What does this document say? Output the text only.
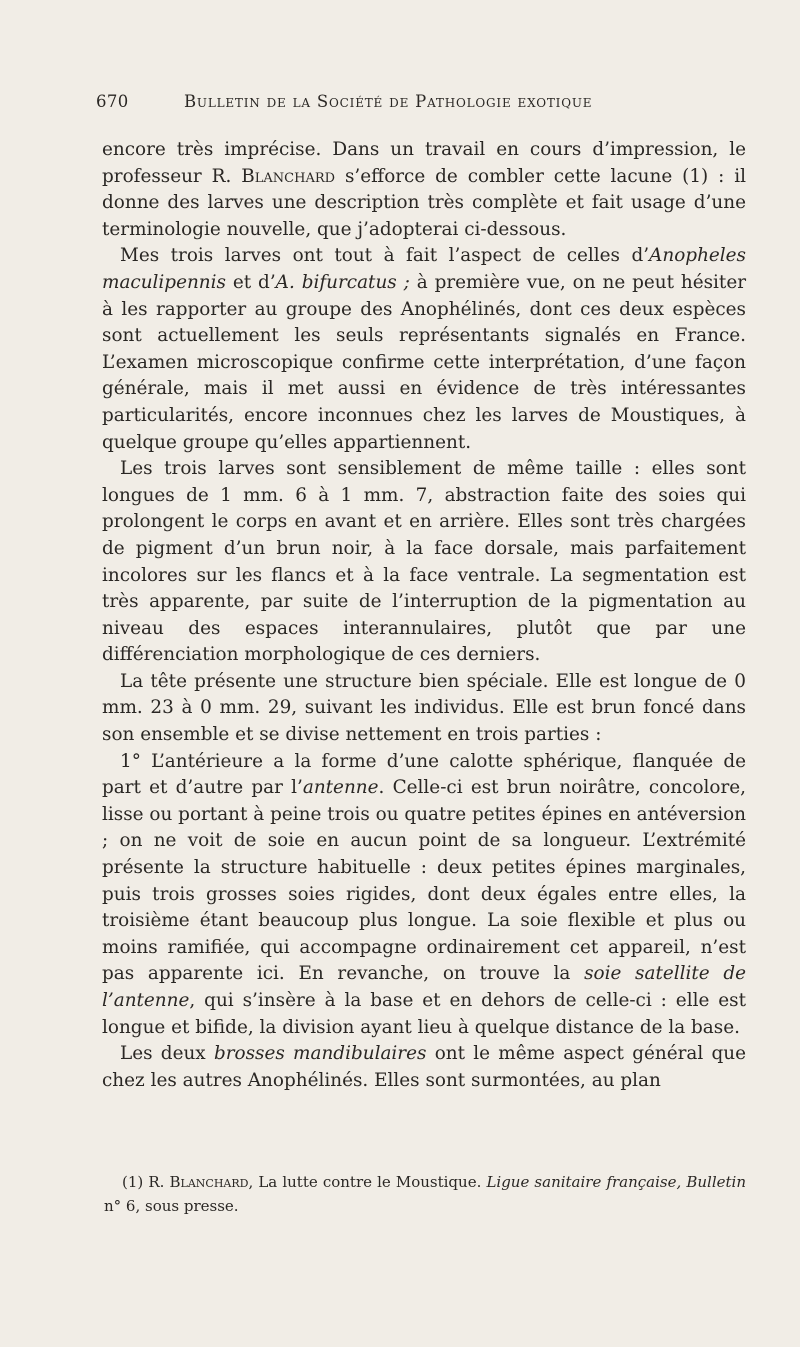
670	Bulletin de la Société de Pathologie exotique

encore très imprécise. Dans un travail en cours d’impression, le professeur R. Blanchard s’efforce de combler cette lacune (1) : il donne des larves une description très complète et fait usage d’une terminologie nouvelle, que j’adopterai ci-dessous.

Mes trois larves ont tout à fait l’aspect de celles d’Anopheles maculipennis et d’A. bifurcatus ; à première vue, on ne peut hésiter à les rapporter au groupe des Anophélinés, dont ces deux espèces sont actuellement les seuls représentants signalés en France. L’examen microscopique confirme cette interprétation, d’une façon générale, mais il met aussi en évidence de très intéressantes particularités, encore inconnues chez les larves de Moustiques, à quelque groupe qu’elles appartiennent.

Les trois larves sont sensiblement de même taille : elles sont longues de 1 mm. 6 à 1 mm. 7, abstraction faite des soies qui prolongent le corps en avant et en arrière. Elles sont très chargées de pigment d’un brun noir, à la face dorsale, mais parfaitement incolores sur les flancs et à la face ventrale. La segmentation est très apparente, par suite de l’interruption de la pigmentation au niveau des espaces interannulaires, plutôt que par une différenciation morphologique de ces derniers.

La tête présente une structure bien spéciale. Elle est longue de 0 mm. 23 à 0 mm. 29, suivant les individus. Elle est brun foncé dans son ensemble et se divise nettement en trois parties :

1° L’antérieure a la forme d’une calotte sphérique, flanquée de part et d’autre par l’antenne. Celle-ci est brun noirâtre, concolore, lisse ou portant à peine trois ou quatre petites épines en antéversion ; on ne voit de soie en aucun point de sa longueur. L’extrémité présente la structure habituelle : deux petites épines marginales, puis trois grosses soies rigides, dont deux égales entre elles, la troisième étant beaucoup plus longue. La soie flexible et plus ou moins ramifiée, qui accompagne ordinairement cet appareil, n’est pas apparente ici. En revanche, on trouve la soie satellite de l’antenne, qui s’insère à la base et en dehors de celle-ci : elle est longue et bifide, la division ayant lieu à quelque distance de la base.

Les deux brosses mandibulaires ont le même aspect général que chez les autres Anophélinés. Elles sont surmontées, au plan

(1) R. Blanchard, La lutte contre le Moustique. Ligue sanitaire française, Bulletin n° 6, sous presse.
